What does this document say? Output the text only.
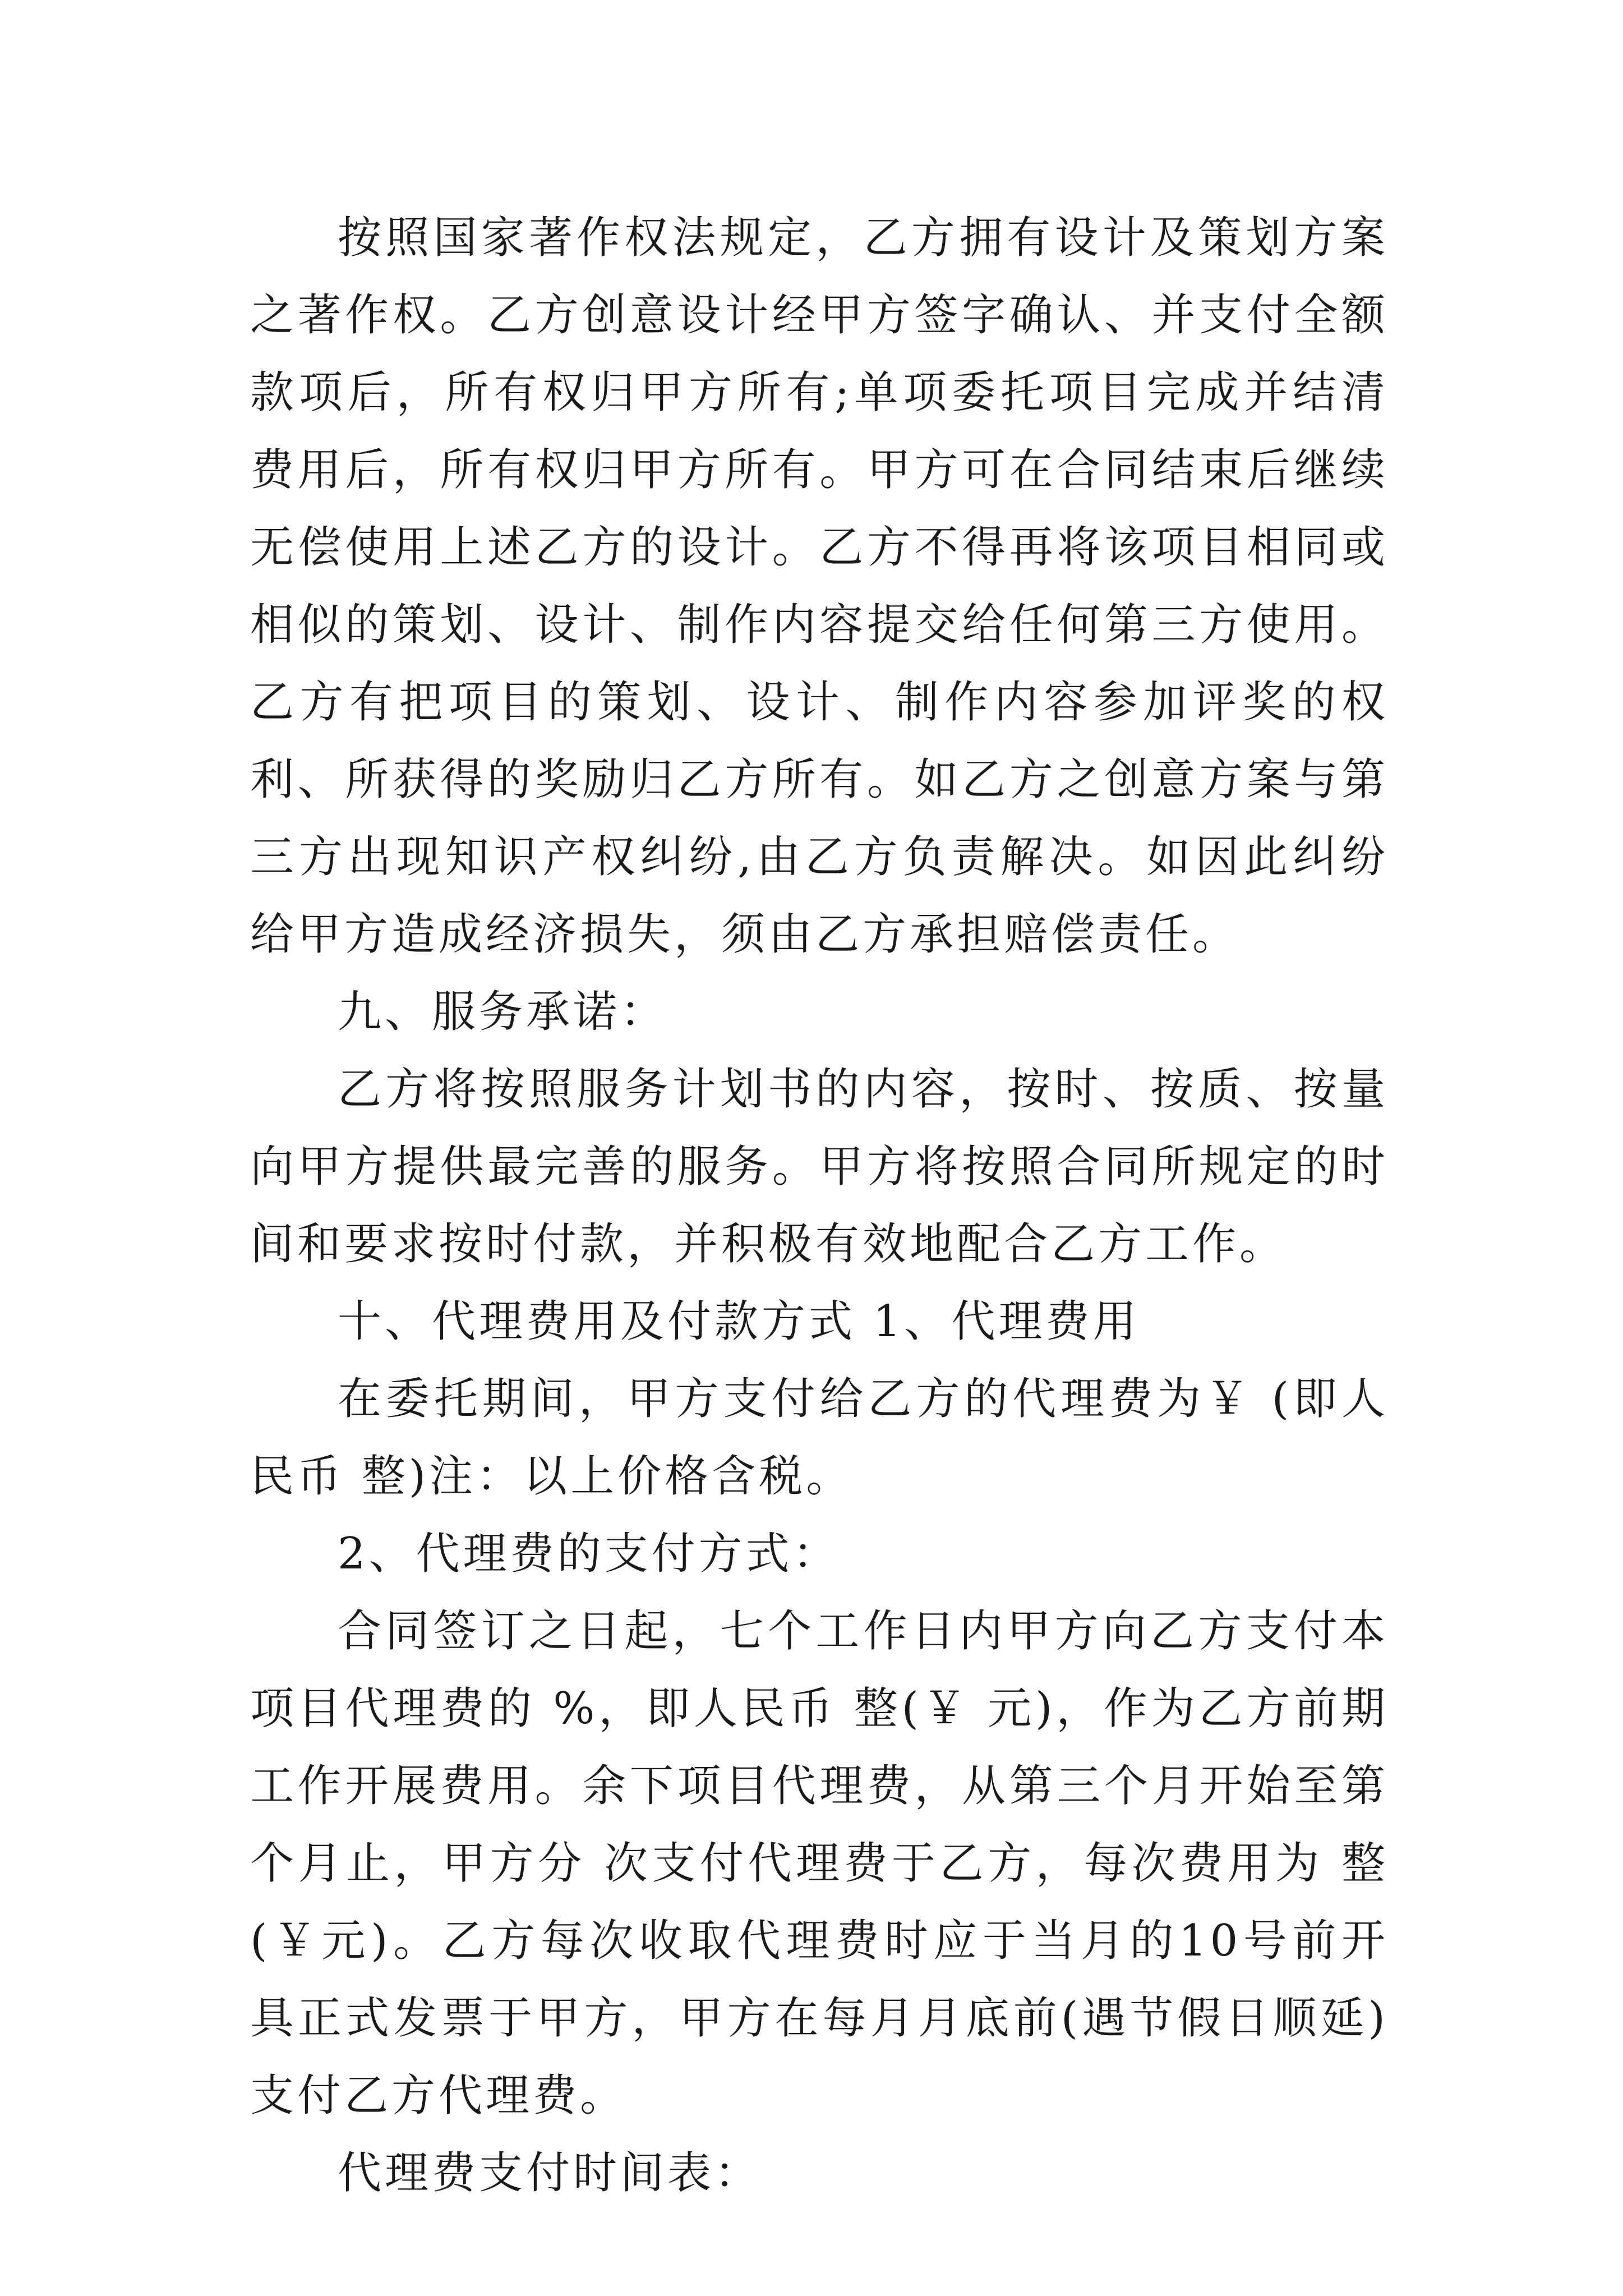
按照国家著作权法规定，乙方拥有设计及策划方案之著作权。乙方创意设计经甲方签字确认、并支付全额款项后，所有权归甲方所有;单项委托项目完成并结清费用后，所有权归甲方所有。甲方可在合同结束后继续无偿使用上述乙方的设计。乙方不得再将该项目相同或相似的策划、设计、制作内容提交给任何第三方使用。乙方有把项目的策划、设计、制作内容参加评奖的权利、所获得的奖励归乙方所有。如乙方之创意方案与第三方出现知识产权纠纷,由乙方负责解决。如因此纠纷给甲方造成经济损失，须由乙方承担赔偿责任。

九、服务承诺：

乙方将按照服务计划书的内容，按时、按质、按量向甲方提供最完善的服务。甲方将按照合同所规定的时间和要求按时付款，并积极有效地配合乙方工作。

十、代理费用及付款方式 1、代理费用

在委托期间，甲方支付给乙方的代理费为￥ (即人民币 整)注：以上价格含税。

2、代理费的支付方式：

合同签订之日起，七个工作日内甲方向乙方支付本项目代理费的 %，即人民币 整(￥ 元)，作为乙方前期工作开展费用。余下项目代理费，从第三个月开始至第个月止，甲方分 次支付代理费于乙方，每次费用为 整(￥元)。乙方每次收取代理费时应于当月的10号前开具正式发票于甲方，甲方在每月月底前(遇节假日顺延)支付乙方代理费。

代理费支付时间表：
